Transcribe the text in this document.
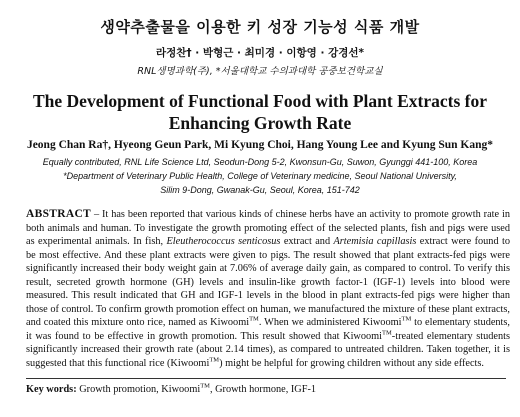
생약추출물을 이용한 키 성장 기능성 식품 개발
라정찬† · 박형근 · 최미경 · 이항영 · 강경선*
RNL생명과학(주), *서울대학교 수의과대학 공중보건학교실
The Development of Functional Food with Plant Extracts for
Enhancing Growth Rate
Jeong Chan Ra†, Hyeong Geun Park, Mi Kyung Choi, Hang Young Lee and Kyung Sun Kang*
Equally contributed, RNL Life Science Ltd, Seodun-Dong 5-2, Kwonsun-Gu, Suwon, Gyunggi 441-100, Korea
*Department of Veterinary Public Health, College of Veterinary medicine, Seoul National University,
Silim 9-Dong, Gwanak-Gu, Seoul, Korea, 151-742
ABSTRACT – It has been reported that various kinds of chinese herbs have an activity to promote growth rate in both animals and human. To investigate the growth promoting effect of the selected plants, fish and pigs were used as experimental animals. In fish, Eleutherococcus senticosus extract and Artemisia capillasis extract were found to be most effective. And these plant extracts were given to pigs. The result showed that plant extracts-fed pigs were significantly increased their body weight gain at 7.06% of average daily gain, as compared to control. To verify this result, secreted growth hormone (GH) levels and insulin-like growth factor-1 (IGF-1) levels into blood were measured. This result indicated that GH and IGF-1 levels in the blood in plant extracts-fed pigs were higher than those of control. To confirm growth promotion effect on human, we manufactured the mixture of these plant extracts, and coated this mixture onto rice, named as Kiwoomi™. When we administered Kiwoomi™ to elementary students, it was found to be effective in growth promotion. This result showed that Kiwoomi™-treated elementary students significantly increased their growth rate (about 2.14 times), as compared to untreated children. Taken together, it is suggested that this functional rice (Kiwoomi™) might be helpful for growing children without any side effects.
Key words: Growth promotion, Kiwoomi™, Growth hormone, IGF-1
